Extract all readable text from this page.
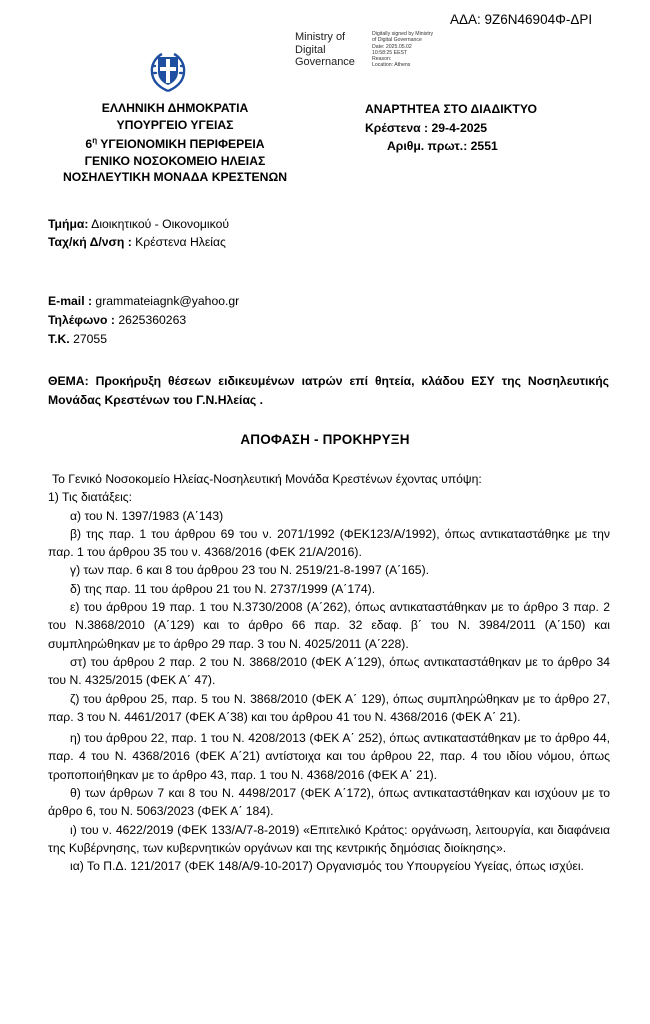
ΑΔΑ: 9Ζ6Ν46904Φ-ΔΡΙ
Ministry of
Digital
Governance
Digitally signed by Ministry
of Digital Governance
Date: 2025.05.02
10:58:25 EEST
Reason:
Location: Athens
ΕΛΛΗΝΙΚΗ ΔΗΜΟΚΡΑΤΙΑ
ΥΠΟΥΡΓΕΙΟ ΥΓΕΙΑΣ
$6^\eta$ ΥΓΕΙΟΝΟΜΙΚΗ ΠΕΡΙΦΕΡΕΙΑ
ΓΕΝΙΚΟ ΝΟΣΟΚΟΜΕΙΟ ΗΛΕΙΑΣ
ΝΟΣΗΛΕΥΤΙΚΗ ΜΟΝΑΔΑ ΚΡΕΣΤΕΝΩΝ
ΑΝΑΡΤΗΤΕΑ ΣΤΟ ΔΙΑΔΙΚΤΥΟ
Κρέστενα : 29-4-2025
Αριθμ. πρωτ.: 2551
Τμήμα: Διοικητικού - Οικονομικού
Ταχ/κή Δ/νση : Κρέστενα Ηλείας
E-mail : grammateiagnk@yahoo.gr
Τηλέφωνο : 2625360263
Τ.Κ. 27055
ΘΕΜΑ: Προκήρυξη θέσεων ειδικευμένων ιατρών επί θητεία, κλάδου ΕΣΥ της Νοσηλευτικής Μονάδας Κρεστένων του Γ.Ν.Ηλείας .
ΑΠΟΦΑΣΗ - ΠΡΟΚΗΡΥΞΗ
Το Γενικό Νοσοκομείο Ηλείας-Νοσηλευτική Μονάδα Κρεστένων έχοντας υπόψη:
1) Τις διατάξεις:
α) του Ν. 1397/1983 (Α΄143)
β) της παρ. 1 του άρθρου 69 του ν. 2071/1992 (ΦΕΚ123/Α/1992), όπως αντικαταστάθηκε με την παρ. 1 του άρθρου 35 του ν. 4368/2016 (ΦΕΚ 21/Α/2016).
γ) των παρ. 6 και 8 του άρθρου 23 του Ν. 2519/21-8-1997 (Α΄165).
δ) της παρ. 11 του άρθρου 21 του Ν. 2737/1999 (Α΄174).
ε) του άρθρου 19 παρ. 1 του Ν.3730/2008 (Α΄262), όπως αντικαταστάθηκαν με το άρθρο 3 παρ. 2 του Ν.3868/2010 (Α΄129) και το άρθρο 66 παρ. 32 εδαφ. β΄ του Ν. 3984/2011 (Α΄150) και συμπληρώθηκαν με το άρθρο 29 παρ. 3 του Ν. 4025/2011 (Α΄228).
στ) του άρθρου 2 παρ. 2 του Ν. 3868/2010 (ΦΕΚ Α΄129), όπως αντικαταστάθηκαν με το άρθρο 34 του Ν. 4325/2015 (ΦΕΚ Α΄ 47).
ζ) του άρθρου 25, παρ. 5 του Ν. 3868/2010 (ΦΕΚ Α΄ 129), όπως συμπληρώθηκαν με το άρθρο 27, παρ. 3 του Ν. 4461/2017 (ΦΕΚ Α΄38) και του άρθρου 41 του Ν. 4368/2016 (ΦΕΚ Α΄ 21).
η) του άρθρου 22, παρ. 1 του Ν. 4208/2013 (ΦΕΚ Α΄ 252), όπως αντικαταστάθηκαν με το άρθρο 44, παρ. 4 του Ν. 4368/2016 (ΦΕΚ Α΄21) αντίστοιχα και του άρθρου 22, παρ. 4 του ιδίου νόμου, όπως τροποποιήθηκαν με το άρθρο 43, παρ. 1 του Ν. 4368/2016 (ΦΕΚ Α΄ 21).
θ) των άρθρων 7 και 8 του Ν. 4498/2017 (ΦΕΚ Α΄172), όπως αντικαταστάθηκαν και ισχύουν με το άρθρο 6, του Ν. 5063/2023 (ΦΕΚ Α΄ 184).
ι) του ν. 4622/2019 (ΦΕΚ 133/Α/7-8-2019) «Επιτελικό Κράτος: οργάνωση, λειτουργία, και διαφάνεια της Κυβέρνησης, των κυβερνητικών οργάνων και της κεντρικής δημόσιας διοίκησης».
ια) Το Π.Δ. 121/2017 (ΦΕΚ 148/Α/9-10-2017) Οργανισμός του Υπουργείου Υγείας, όπως ισχύει.
